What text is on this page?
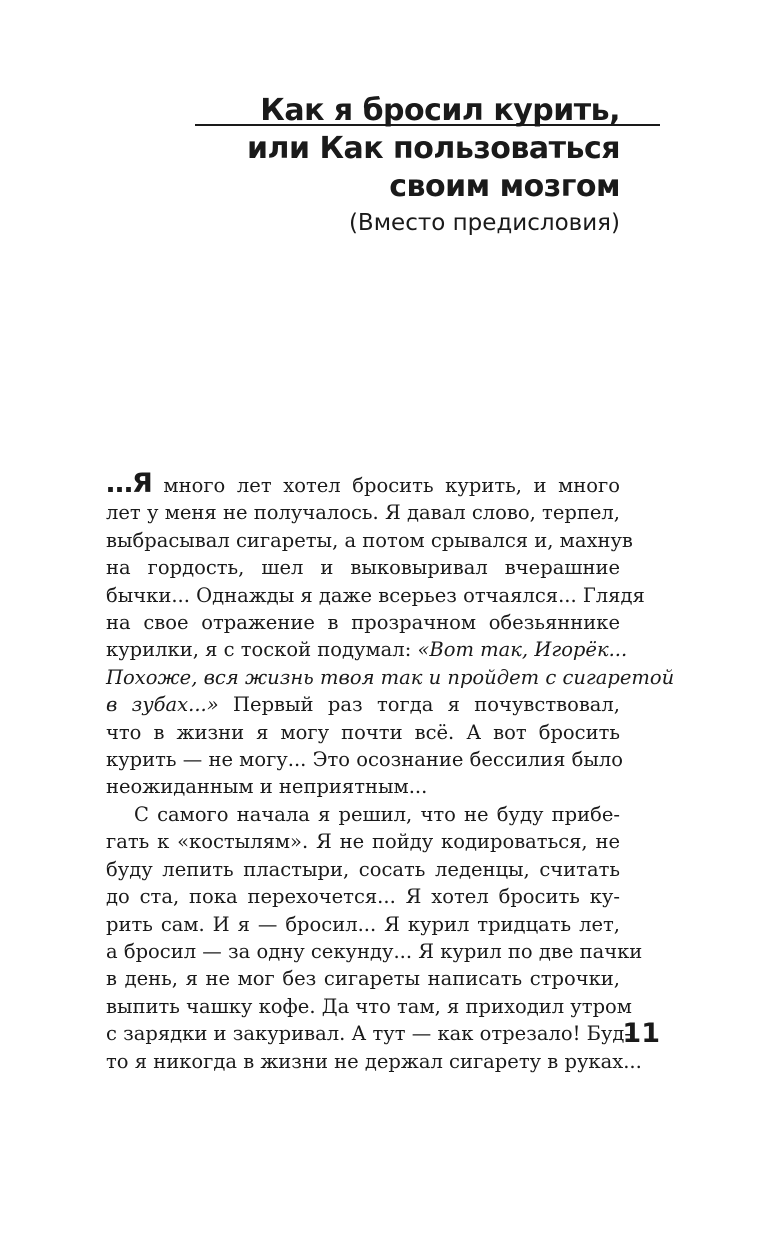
Как я бросил курить,
или Как пользоваться
своим мозгом
(Вместо предисловия)
…Я много лет хотел бросить курить, и много
лет у меня не получалось. Я давал слово, терпел,
выбрасывал сигареты, а потом срывался и, махнув
на гордость, шел и выковыривал вчерашние
бычки... Однажды я даже всерьез отчаялся... Глядя
на свое отражение в прозрачном обезьяннике
курилки, я с тоской подумал: «Вот так, Игорёк...
Похоже, вся жизнь твоя так и пройдет с сигаретой
в зубах...» Первый раз тогда я почувствовал,
что в жизни я могу почти всё. А вот бросить
курить — не могу... Это осознание бессилия было
неожиданным и неприятным...
С самого начала я решил, что не буду прибе-
гать к «костылям». Я не пойду кодироваться, не
буду лепить пластыри, сосать леденцы, считать
до ста, пока перехочется... Я хотел бросить ку-
рить сам. И я — бросил... Я курил тридцать лет,
а бросил — за одну секунду... Я курил по две пачки
в день, я не мог без сигареты написать строчки,
выпить чашку кофе. Да что там, я приходил утром
с зарядки и закуривал. А тут — как отрезало! Буд-
то я никогда в жизни не держал сигарету в руках...
11
